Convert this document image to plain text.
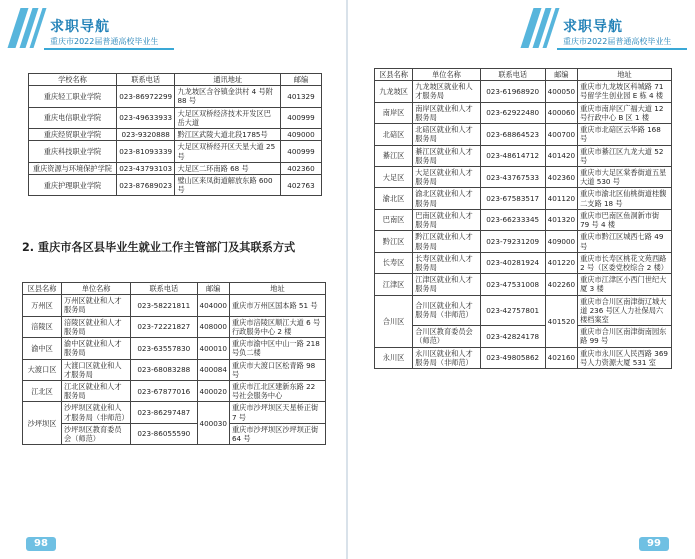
求职导航
重庆市2022届普通高校毕业生
学校名称	联系电话	通讯地址	邮编
重庆轻工职业学院	023-86972299	九龙坡区含谷镇金洪村 4 号附 88 号	401329
重庆电信职业学院	023-49633933	大足区双桥经济技术开发区巴岳大道	400999
重庆经贸职业学院	023-9320888	黔江区武陵大道北段1785号	409000
重庆科技职业学院	023-81093339	大足区双桥经开区天星大道 25 号	400999
重庆资源与环境保护学院	023-43793103	大足区二环南路 68 号	402360
重庆护理职业学院	023-87689023	璧山区来凤街道解放东路 600 号	402763
2. 重庆市各区县毕业生就业工作主管部门及其联系方式
区县名称	单位名称	联系电话	邮编	地址
万州区	万州区就业和人才服务局	023-58221811	404000	重庆市万州区国本路 51 号
涪陵区	涪陵区就业和人才服务局	023-72221827	408000	重庆市涪陵区顺江大道 6 号行政服务中心 2 楼
渝中区	渝中区就业和人才服务局	023-63557830	400010	重庆市渝中区中山一路 218 号负二楼
大渡口区	大渡口区就业和人才服务局	023-68083288	400084	重庆市大渡口区松青路 98 号
江北区	江北区就业和人才服务局	023-67877016	400020	重庆市江北区建新东路 22 号社会服务中心
沙坪坝区	沙坪坝区就业和人才服务局（非师范）	023-86297487	400030	重庆市沙坪坝区天星桥正街 7 号
	沙坪坝区教育委员会（师范）	023-86055590		重庆市沙坪坝区沙坪坝正街 64 号
98
求职导航
重庆市2022届普通高校毕业生
区县名称	单位名称	联系电话	邮编	地址
九龙坡区	九龙坡区就业和人才服务局	023-61968920	400050	重庆市九龙坡区科城路 71 号留学生创业园 E 栋 4 楼
南岸区	南岸区就业和人才服务局	023-62922480	400060	重庆市南岸区广福大道 12 号行政中心 B 区 1 楼
北碚区	北碚区就业和人才服务局	023-68864523	400700	重庆市北碚区云华路 168 号
綦江区	綦江区就业和人才服务局	023-48614712	401420	重庆市綦江区九龙大道 52 号
大足区	大足区就业和人才服务局	023-43767533	402360	重庆市大足区棠香街道五星大道 530 号
渝北区	渝北区就业和人才服务局	023-67583517	401120	重庆市渝北区仙桃街道桂馥二支路 18 号
巴南区	巴南区就业和人才服务局	023-66233345	401320	重庆市巴南区鱼洞新市街 79 号 4 楼
黔江区	黔江区就业和人才服务局	023-79231209	409000	重庆市黔江区城西七路 49 号
长寿区	长寿区就业和人才服务局	023-40281924	401220	重庆市长寿区桃花文苑西路 2 号（区委党校综合 2 楼）
江津区	江津区就业和人才服务局	023-47531008	402260	重庆市江津区小西门世纪大厦 3 楼
合川区	合川区就业和人才服务局（非师范）	023-42757801	401520	重庆市合川区南津街辽城大道 236 号区人力社保局六楼档案室
	合川区教育委员会（师范）	023-42824178		重庆市合川区南津街南园东路 99 号
永川区	永川区就业和人才服务局（非师范）	023-49805862	402160	重庆市永川区人民西路 369 号人力资源大厦 531 室
99
